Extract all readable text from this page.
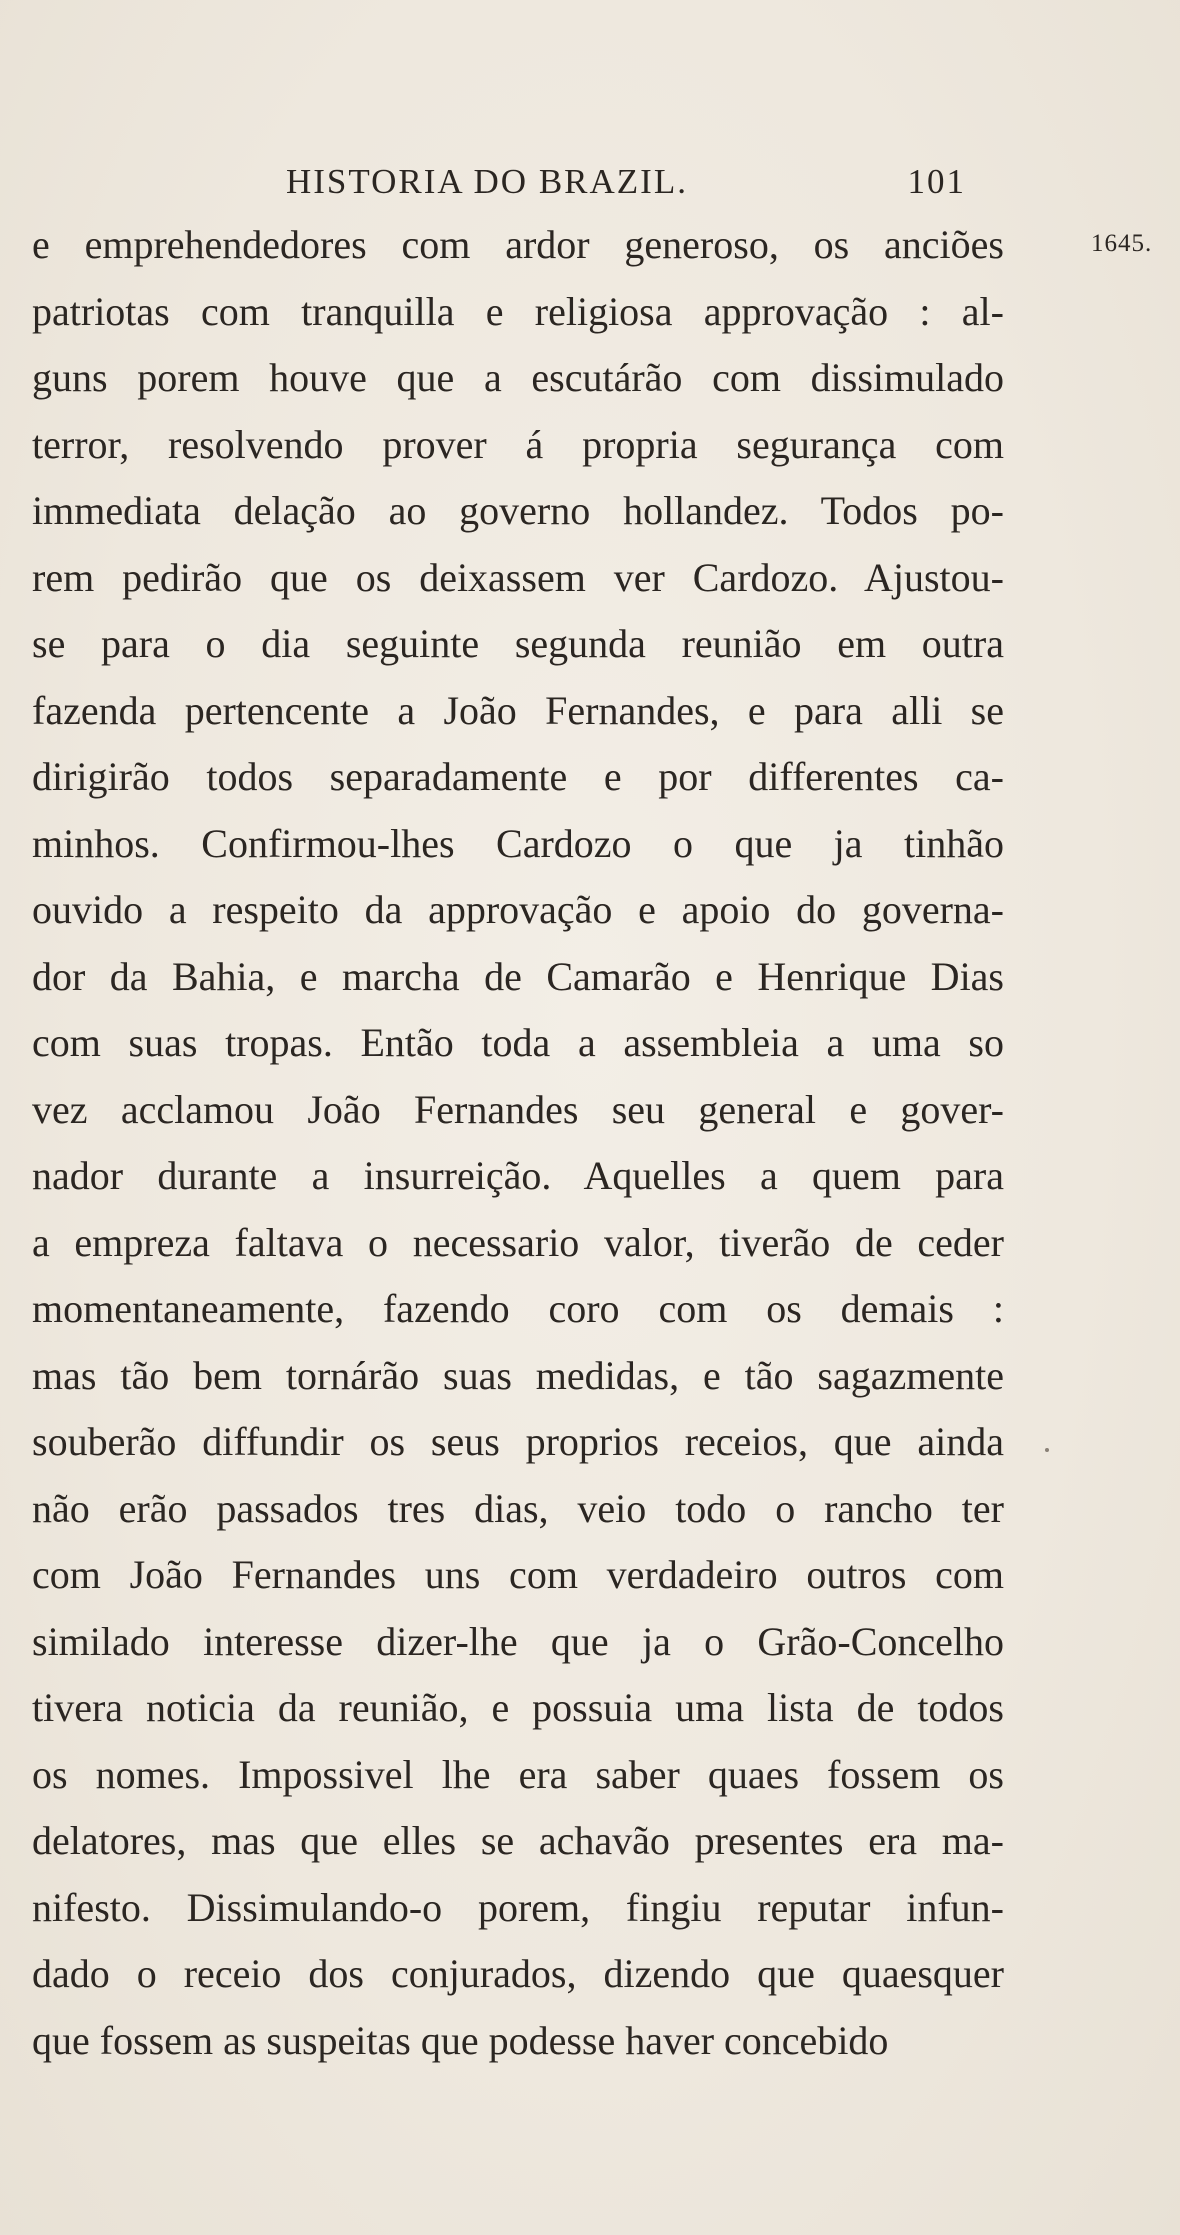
HISTORIA DO BRAZIL.	101
1645.
e emprehendedores com ardor generoso, os anciões
patriotas com tranquilla e religiosa approvação : al-
guns porem houve que a escutárão com dissimulado
terror, resolvendo prover á propria segurança com
immediata delação ao governo hollandez. Todos po-
rem pedirão que os deixassem ver Cardozo. Ajustou-
se para o dia seguinte segunda reunião em outra
fazenda pertencente a João Fernandes, e para alli se
dirigirão todos separadamente e por differentes ca-
minhos. Confirmou-lhes Cardozo o que ja tinhão
ouvido a respeito da approvação e apoio do governa-
dor da Bahia, e marcha de Camarão e Henrique Dias
com suas tropas. Então toda a assembleia a uma so
vez acclamou João Fernandes seu general e gover-
nador durante a insurreição. Aquelles a quem para
a empreza faltava o necessario valor, tiverão de ceder
momentaneamente, fazendo coro com os demais :
mas tão bem tornárão suas medidas, e tão sagazmente
souberão diffundir os seus proprios receios, que ainda
não erão passados tres dias, veio todo o rancho ter
com João Fernandes uns com verdadeiro outros com
similado interesse dizer-lhe que ja o Grão-Concelho
tivera noticia da reunião, e possuia uma lista de todos
os nomes. Impossivel lhe era saber quaes fossem os
delatores, mas que elles se achavão presentes era ma-
nifesto. Dissimulando-o porem, fingiu reputar infun-
dado o receio dos conjurados, dizendo que quaesquer
que fossem as suspeitas que podesse haver concebido
